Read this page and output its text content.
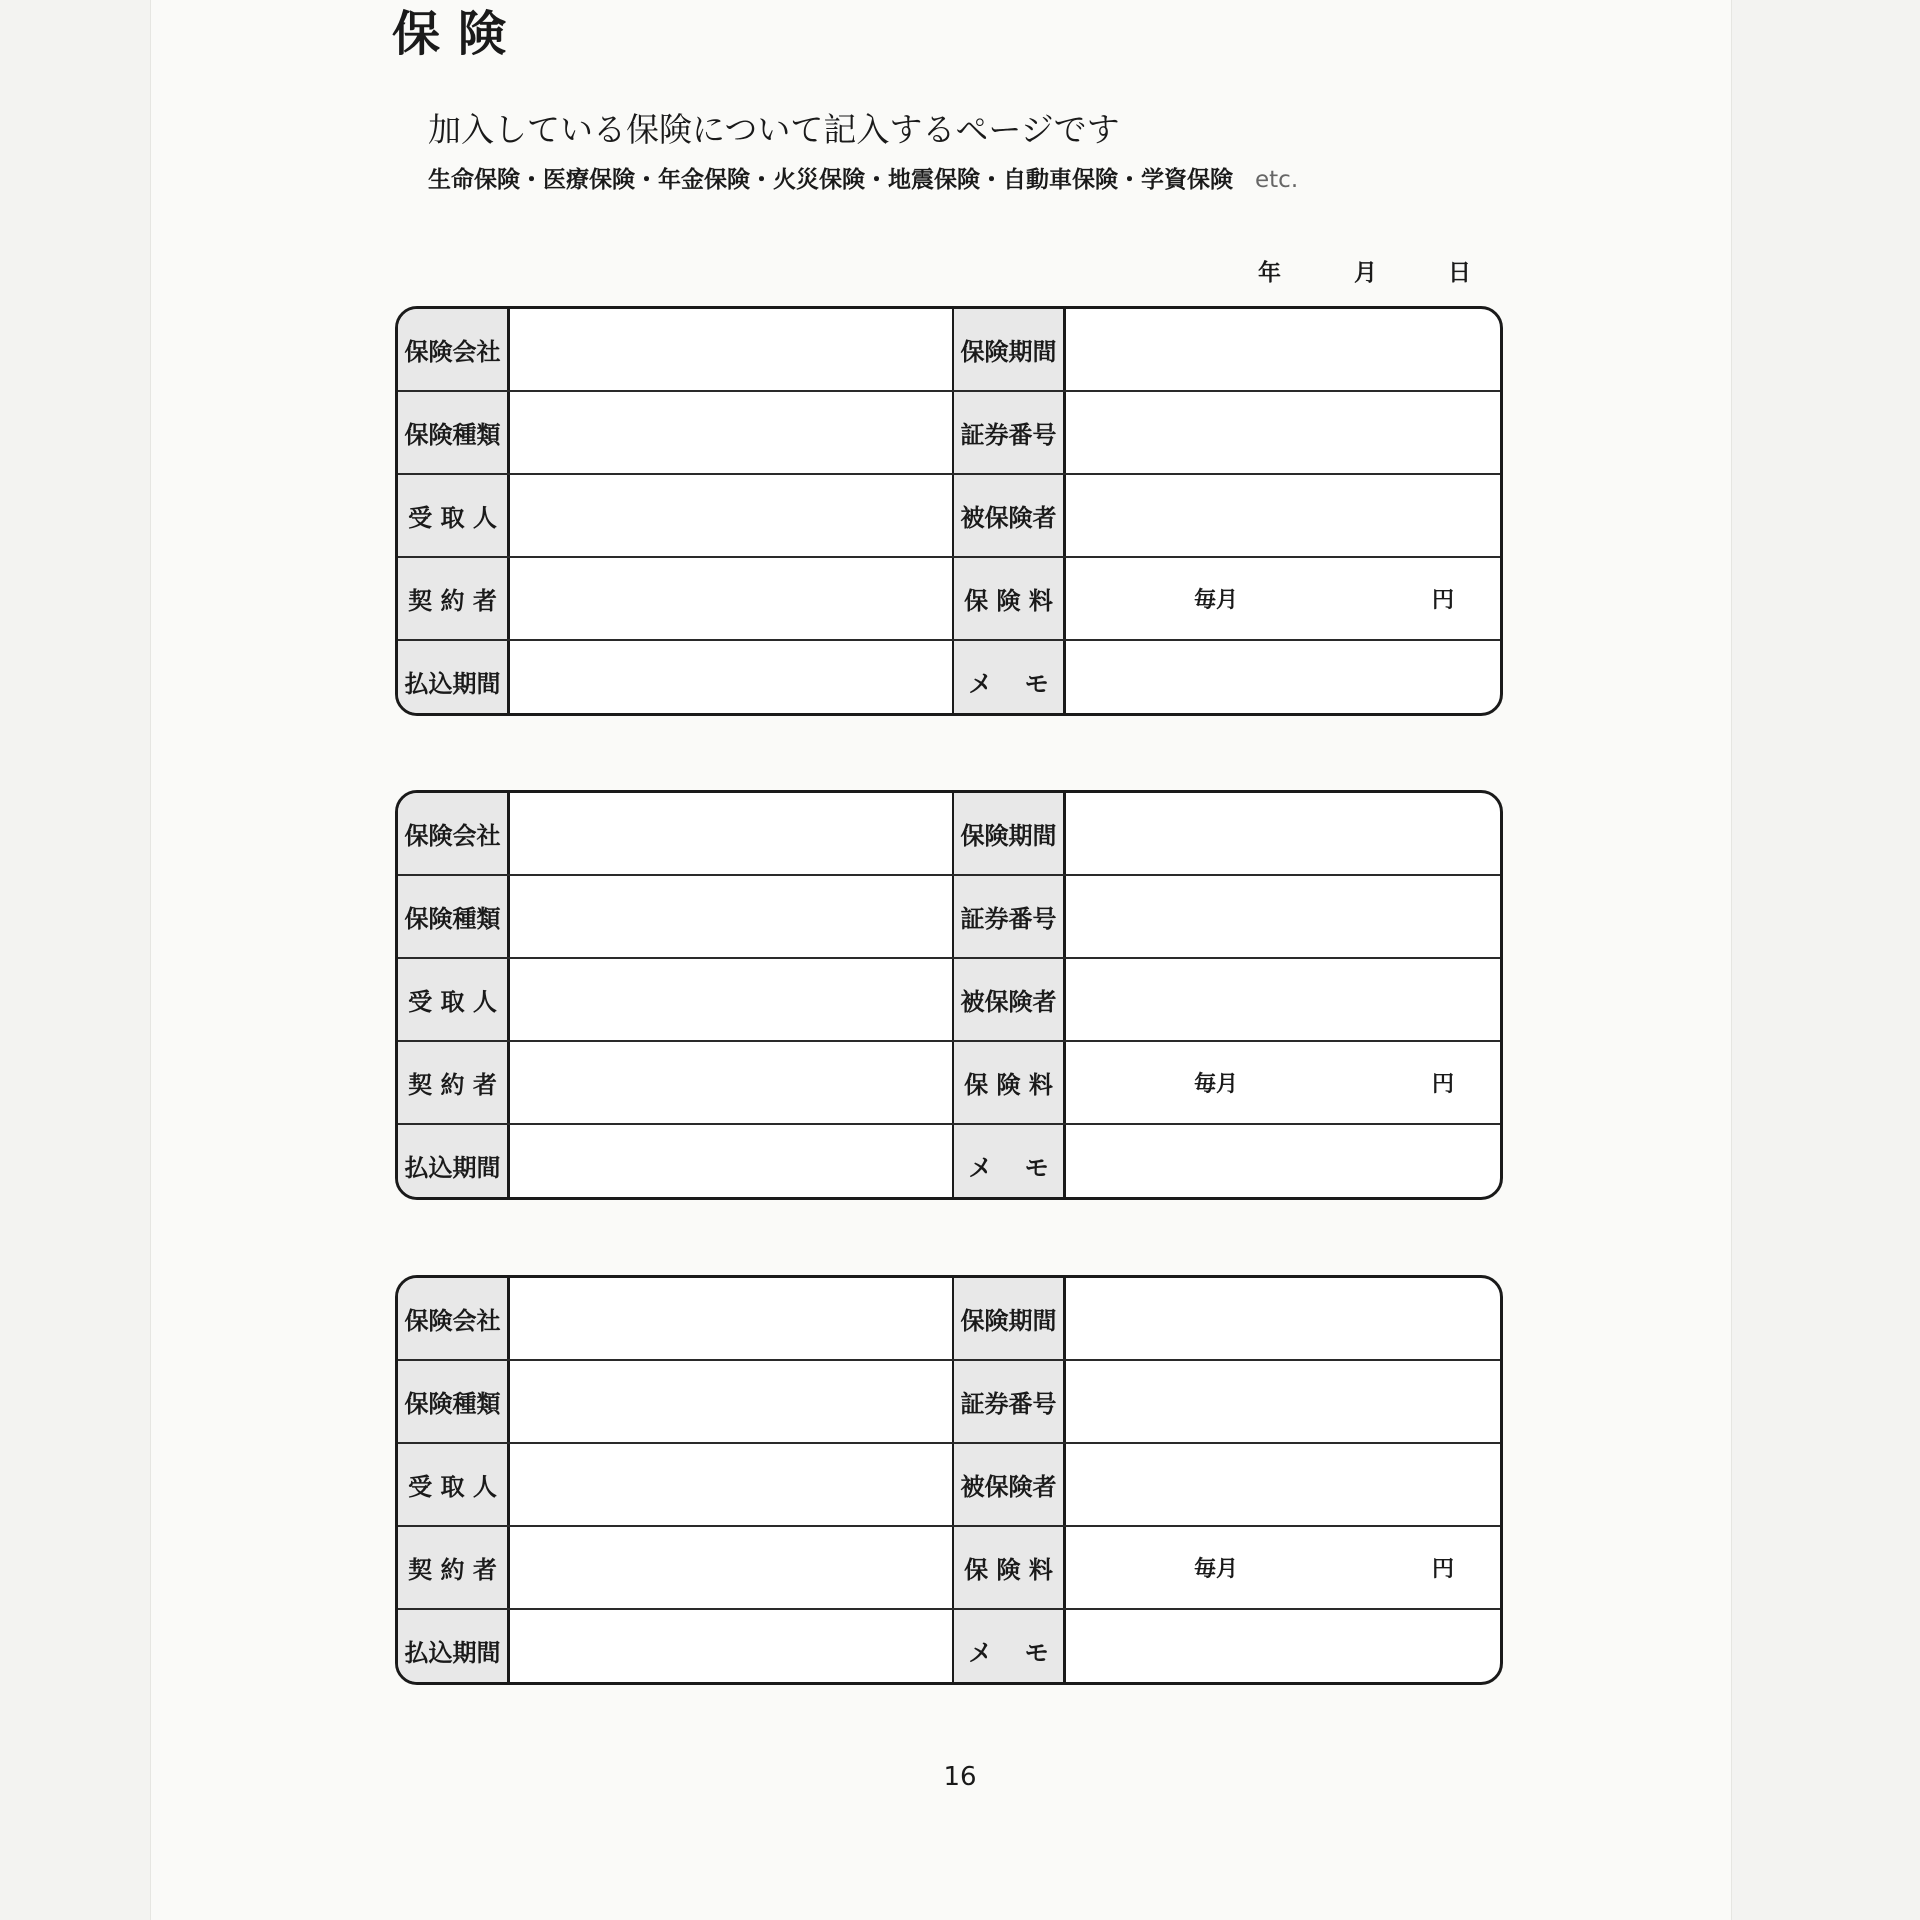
保険
加入している保険について記入するページです
生命保険・医療保険・年金保険・火災保険・地震保険・自動車保険・学資保険 etc.
年	月	日
保険会社	保険期間
保険種類	証券番号
受 取 人	被保険者
契 約 者	保 険 料	毎月	円
払込期間	メ　 モ
保険会社	保険期間
保険種類	証券番号
受 取 人	被保険者
契 約 者	保 険 料	毎月	円
払込期間	メ　 モ
保険会社	保険期間
保険種類	証券番号
受 取 人	被保険者
契 約 者	保 険 料	毎月	円
払込期間	メ　 モ
16
